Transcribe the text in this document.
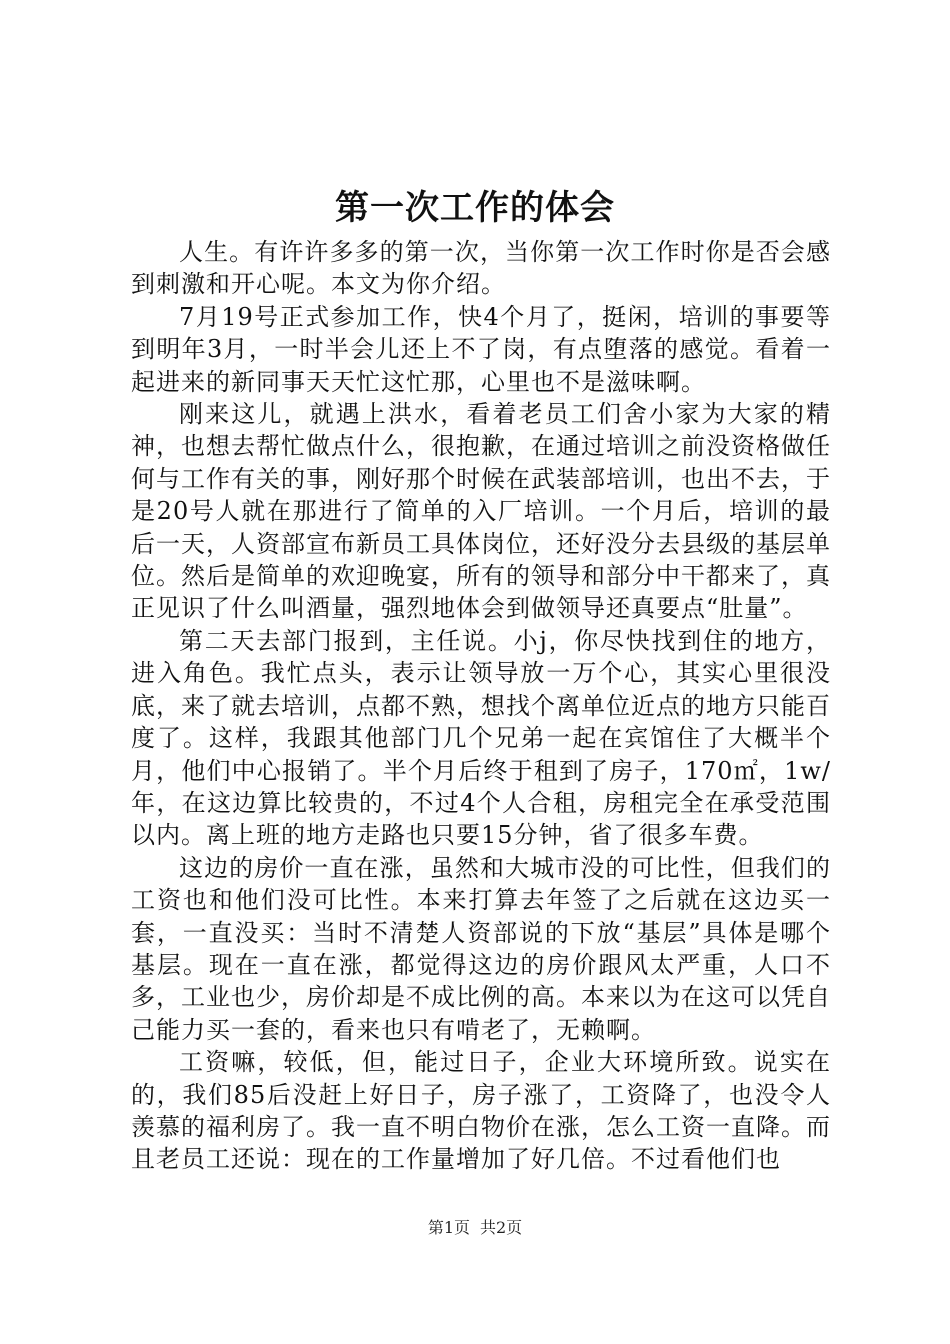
第一次工作的体会

人生。有许许多多的第一次，当你第一次工作时你是否会感到刺激和开心呢。本文为你介绍。

7月19号正式参加工作，快4个月了，挺闲，培训的事要等到明年3月，一时半会儿还上不了岗，有点堕落的感觉。看着一起进来的新同事天天忙这忙那，心里也不是滋味啊。

刚来这儿，就遇上洪水，看着老员工们舍小家为大家的精神，也想去帮忙做点什么，很抱歉，在通过培训之前没资格做任何与工作有关的事，刚好那个时候在武装部培训，也出不去，于是20号人就在那进行了简单的入厂培训。一个月后，培训的最后一天，人资部宣布新员工具体岗位，还好没分去县级的基层单位。然后是简单的欢迎晚宴，所有的领导和部分中干都来了，真正见识了什么叫酒量，强烈地体会到做领导还真要点“肚量”。

第二天去部门报到，主任说。小j，你尽快找到住的地方，进入角色。我忙点头，表示让领导放一万个心，其实心里很没底，来了就去培训，点都不熟，想找个离单位近点的地方只能百度了。这样，我跟其他部门几个兄弟一起在宾馆住了大概半个月，他们中心报销了。半个月后终于租到了房子，170㎡，1w/年，在这边算比较贵的，不过4个人合租，房租完全在承受范围以内。离上班的地方走路也只要15分钟，省了很多车费。

这边的房价一直在涨，虽然和大城市没的可比性，但我们的工资也和他们没可比性。本来打算去年签了之后就在这边买一套，一直没买：当时不清楚人资部说的下放“基层”具体是哪个基层。现在一直在涨，都觉得这边的房价跟风太严重，人口不多，工业也少，房价却是不成比例的高。本来以为在这可以凭自己能力买一套的，看来也只有啃老了，无赖啊。

工资嘛，较低，但，能过日子，企业大环境所致。说实在的，我们85后没赶上好日子，房子涨了，工资降了，也没令人羡慕的福利房了。我一直不明白物价在涨，怎么工资一直降。而且老员工还说：现在的工作量增加了好几倍。不过看他们也

第1页 共2页
